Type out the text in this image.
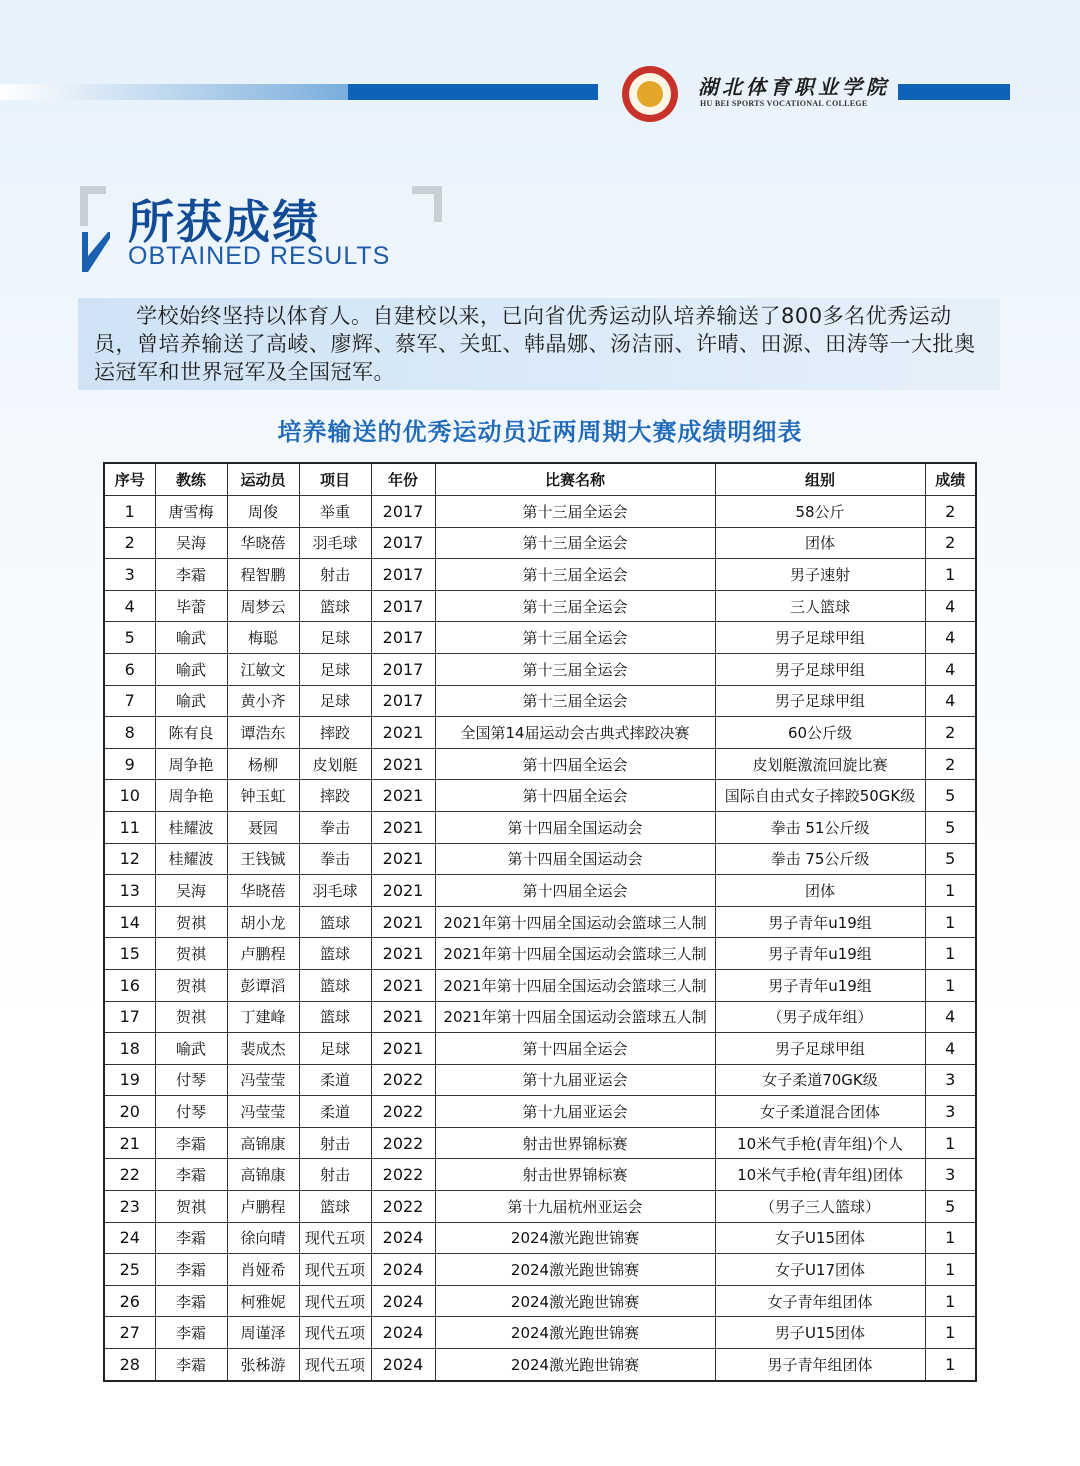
湖北体育职业学院
HU BEI SPORTS VOCATIONAL COLLEGE
所获成绩
OBTAINED RESULTS

学校始终坚持以体育人。自建校以来，已向省优秀运动队培养输送了800多名优秀运动员，曾培养输送了高崚、廖辉、蔡军、关虹、韩晶娜、汤洁丽、许晴、田源、田涛等一大批奥运冠军和世界冠军及全国冠军。

培养输送的优秀运动员近两周期大赛成绩明细表
序号	教练	运动员	项目	年份	比赛名称	组别	成绩
1	唐雪梅	周俊	举重	2017	第十三届全运会	58公斤	2
2	吴海	华晓蓓	羽毛球	2017	第十三届全运会	团体	2
3	李霜	程智鹏	射击	2017	第十三届全运会	男子速射	1
4	毕蕾	周梦云	篮球	2017	第十三届全运会	三人篮球	4
5	喻武	梅聪	足球	2017	第十三届全运会	男子足球甲组	4
6	喻武	江敏文	足球	2017	第十三届全运会	男子足球甲组	4
7	喻武	黄小齐	足球	2017	第十三届全运会	男子足球甲组	4
8	陈有良	谭浩东	摔跤	2021	全国第14届运动会古典式摔跤决赛	60公斤级	2
9	周争艳	杨柳	皮划艇	2021	第十四届全运会	皮划艇激流回旋比赛	2
10	周争艳	钟玉虹	摔跤	2021	第十四届全运会	国际自由式女子摔跤50GK级	5
11	桂耀波	聂园	拳击	2021	第十四届全国运动会	拳击 51公斤级	5
12	桂耀波	王钱铖	拳击	2021	第十四届全国运动会	拳击 75公斤级	5
13	吴海	华晓蓓	羽毛球	2021	第十四届全运会	团体	1
14	贺祺	胡小龙	篮球	2021	2021年第十四届全国运动会篮球三人制	男子青年u19组	1
15	贺祺	卢鹏程	篮球	2021	2021年第十四届全国运动会篮球三人制	男子青年u19组	1
16	贺祺	彭谭滔	篮球	2021	2021年第十四届全国运动会篮球三人制	男子青年u19组	1
17	贺祺	丁建峰	篮球	2021	2021年第十四届全国运动会篮球五人制	（男子成年组）	4
18	喻武	裴成杰	足球	2021	第十四届全运会	男子足球甲组	4
19	付琴	冯莹莹	柔道	2022	第十九届亚运会	女子柔道70GK级	3
20	付琴	冯莹莹	柔道	2022	第十九届亚运会	女子柔道混合团体	3
21	李霜	高锦康	射击	2022	射击世界锦标赛	10米气手枪(青年组)个人	1
22	李霜	高锦康	射击	2022	射击世界锦标赛	10米气手枪(青年组)团体	3
23	贺祺	卢鹏程	篮球	2022	第十九届杭州亚运会	（男子三人篮球）	5
24	李霜	徐向晴	现代五项	2024	2024激光跑世锦赛	女子U15团体	1
25	李霜	肖娅希	现代五项	2024	2024激光跑世锦赛	女子U17团体	1
26	李霜	柯雅妮	现代五项	2024	2024激光跑世锦赛	女子青年组团体	1
27	李霜	周谨泽	现代五项	2024	2024激光跑世锦赛	男子U15团体	1
28	李霜	张秭游	现代五项	2024	2024激光跑世锦赛	男子青年组团体	1
